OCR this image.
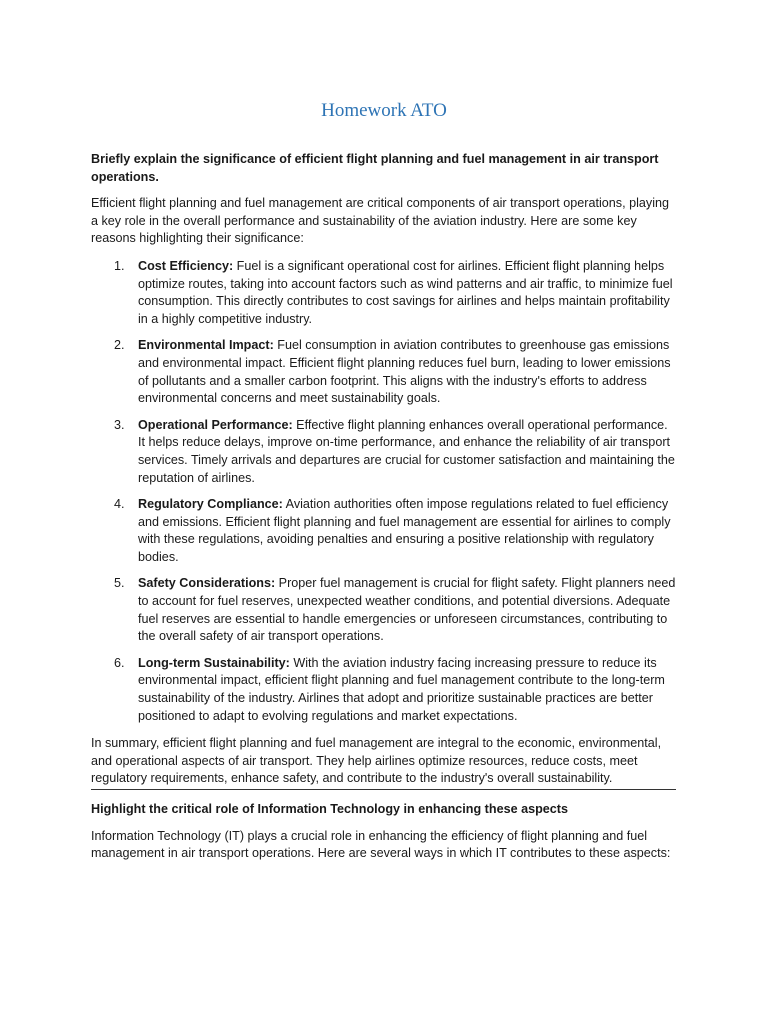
Homework ATO

Briefly explain the significance of efficient flight planning and fuel management in air transport operations.

Efficient flight planning and fuel management are critical components of air transport operations, playing a key role in the overall performance and sustainability of the aviation industry. Here are some key reasons highlighting their significance:

1. Cost Efficiency: Fuel is a significant operational cost for airlines. Efficient flight planning helps optimize routes, taking into account factors such as wind patterns and air traffic, to minimize fuel consumption. This directly contributes to cost savings for airlines and helps maintain profitability in a highly competitive industry.
2. Environmental Impact: Fuel consumption in aviation contributes to greenhouse gas emissions and environmental impact. Efficient flight planning reduces fuel burn, leading to lower emissions of pollutants and a smaller carbon footprint. This aligns with the industry's efforts to address environmental concerns and meet sustainability goals.
3. Operational Performance: Effective flight planning enhances overall operational performance. It helps reduce delays, improve on-time performance, and enhance the reliability of air transport services. Timely arrivals and departures are crucial for customer satisfaction and maintaining the reputation of airlines.
4. Regulatory Compliance: Aviation authorities often impose regulations related to fuel efficiency and emissions. Efficient flight planning and fuel management are essential for airlines to comply with these regulations, avoiding penalties and ensuring a positive relationship with regulatory bodies.
5. Safety Considerations: Proper fuel management is crucial for flight safety. Flight planners need to account for fuel reserves, unexpected weather conditions, and potential diversions. Adequate fuel reserves are essential to handle emergencies or unforeseen circumstances, contributing to the overall safety of air transport operations.
6. Long-term Sustainability: With the aviation industry facing increasing pressure to reduce its environmental impact, efficient flight planning and fuel management contribute to the long-term sustainability of the industry. Airlines that adopt and prioritize sustainable practices are better positioned to adapt to evolving regulations and market expectations.

In summary, efficient flight planning and fuel management are integral to the economic, environmental, and operational aspects of air transport. They help airlines optimize resources, reduce costs, meet regulatory requirements, enhance safety, and contribute to the industry's overall sustainability.

Highlight the critical role of Information Technology in enhancing these aspects

Information Technology (IT) plays a crucial role in enhancing the efficiency of flight planning and fuel management in air transport operations. Here are several ways in which IT contributes to these aspects:
